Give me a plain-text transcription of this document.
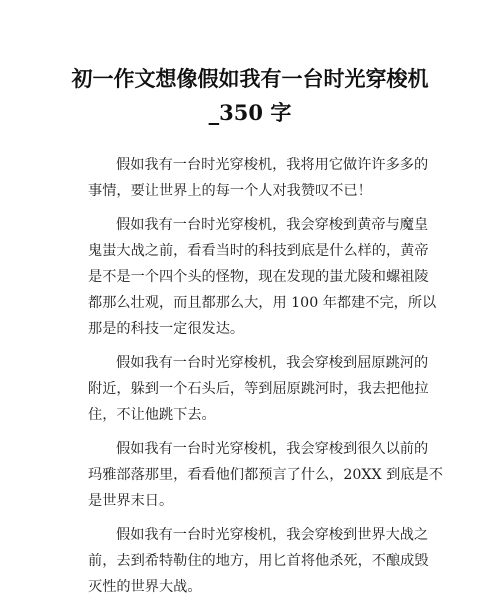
初一作文想像假如我有一台时光穿梭机
_350 字

假如我有一台时光穿梭机，我将用它做许许多多的
事情，要让世界上的每一个人对我赞叹不已！

假如我有一台时光穿梭机，我会穿梭到黄帝与魔皇
鬼蚩大战之前，看看当时的科技到底是什么样的，黄帝
是不是一个四个头的怪物，现在发现的蚩尤陵和螺祖陵
都那么壮观，而且都那么大，用 100 年都建不完，所以
那是的科技一定很发达。

假如我有一台时光穿梭机，我会穿梭到屈原跳河的
附近，躲到一个石头后，等到屈原跳河时，我去把他拉
住，不让他跳下去。

假如我有一台时光穿梭机，我会穿梭到很久以前的
玛雅部落那里，看看他们都预言了什么，20XX 到底是不
是世界末日。

假如我有一台时光穿梭机，我会穿梭到世界大战之
前，去到希特勒住的地方，用匕首将他杀死，不酿成毁
灭性的世界大战。
